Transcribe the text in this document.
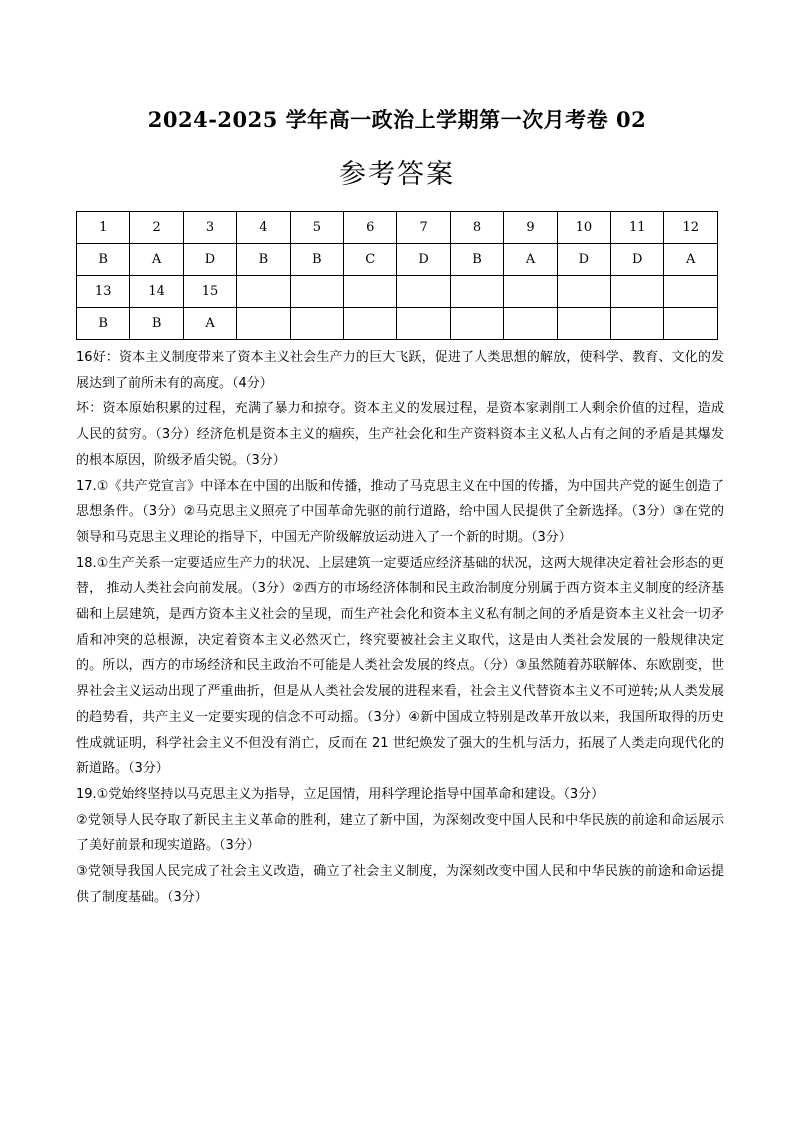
2024-2025 学年高一政治上学期第一次月考卷 02
参考答案
1	2	3	4	5	6	7	8	9	10	11	12
B	A	D	B	B	C	D	B	A	D	D	A
13	14	15									
B	B	A									

16好：资本主义制度带来了资本主义社会生产力的巨大飞跃，促进了人类思想的解放，使科学、教育、文化的发展达到了前所未有的高度。（4分）

坏：资本原始积累的过程，充满了暴力和掠夺。资本主义的发展过程，是资本家剥削工人剩余价值的过程，造成人民的贫穷。（3分）经济危机是资本主义的痼疾，生产社会化和生产资料资本主义私人占有之间的矛盾是其爆发的根本原因，阶级矛盾尖锐。（3分）

17.①《共产党宣言》中译本在中国的出版和传播，推动了马克思主义在中国的传播，为中国共产党的诞生创造了思想条件。（3分）②马克思主义照亮了中国革命先驱的前行道路，给中国人民提供了全新选择。（3分）③在党的领导和马克思主义理论的指导下，中国无产阶级解放运动进入了一个新的时期。（3分）

18.①生产关系一定要适应生产力的状况、上层建筑一定要适应经济基础的状况，这两大规律决定着社会形态的更替， 推动人类社会向前发展。（3分）②西方的市场经济体制和民主政治制度分别属于西方资本主义制度的经济基础和上层建筑，是西方资本主义社会的呈现，而生产社会化和资本主义私有制之间的矛盾是资本主义社会一切矛盾和冲突的总根源，决定着资本主义必然灭亡，终究要被社会主义取代，这是由人类社会发展的一般规律决定的。所以，西方的市场经济和民主政治不可能是人类社会发展的终点。（分）③虽然随着苏联解体、东欧剧变，世界社会主义运动出现了严重曲折，但是从人类社会发展的进程来看，社会主义代替资本主义不可逆转;从人类发展的趋势看，共产主义一定要实现的信念不可动摇。（3分）④新中国成立特别是改革开放以来，我国所取得的历史性成就证明，科学社会主义不但没有消亡，反而在 21 世纪焕发了强大的生机与活力，拓展了人类走向现代化的新道路。（3分）

19.①党始终坚持以马克思主义为指导，立足国情，用科学理论指导中国革命和建设。（3分）

②党领导人民夺取了新民主主义革命的胜利，建立了新中国，为深刻改变中国人民和中华民族的前途和命运展示了美好前景和现实道路。（3分）

③党领导我国人民完成了社会主义改造，确立了社会主义制度，为深刻改变中国人民和中华民族的前途和命运提供了制度基础。（3分）
